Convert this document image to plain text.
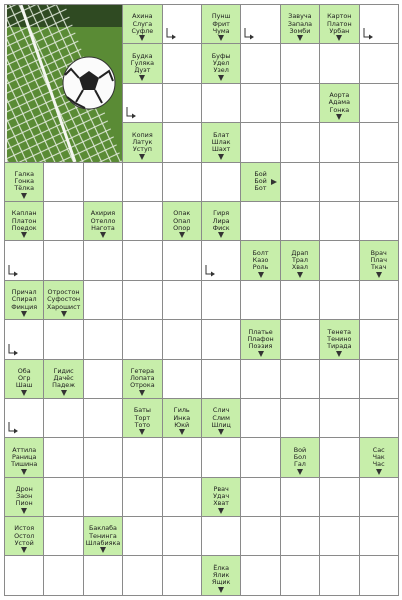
Ахина
Слуга
Суфле
Пунш
Фрит
Чума
Завуча
Запала
Зомби
Картон
Платон
Урбан
Будка
Гуляка
Дуэт
Буфы
Удел
Узел
Аорта
Адама
Гонка
Копия
Латук
Уступ
Блат
Шлак
Шахт
Галка
Гонка
Тёлка
Бой
Бой
Бот
Каплан
Платон
Поедок
Ахирия
Отелло
Нагота
Опак
Опал
Опор
Гиря
Лира
Фиск
Болт
Казо
Роль
Драп
Трал
Хвал
Врач
Плач
Ткач
Причал
Спирал
Фикция
Отростон
Суфостон
Харошист
Платье
Плафон
Поэзия
Тенета
Тенино
Тирада
Оба
Огр
Шаш
Гидис
Дачёс
Падеж
Гетера
Лопата
Отрока
Баты
Торт
Тото
Гиль
Инка
Юкй
Слич
Слим
Шлиц
Аттила
Раница
Тишина
Вой
Бол
Гал
Сас
Чак
Час
Дрон
Заон
Пион
Рвач
Удач
Хват
Истоя
Остол
Устой
Баклаба
Тенинга
Шлабияка
Ёлка
Ялик
Ящик
